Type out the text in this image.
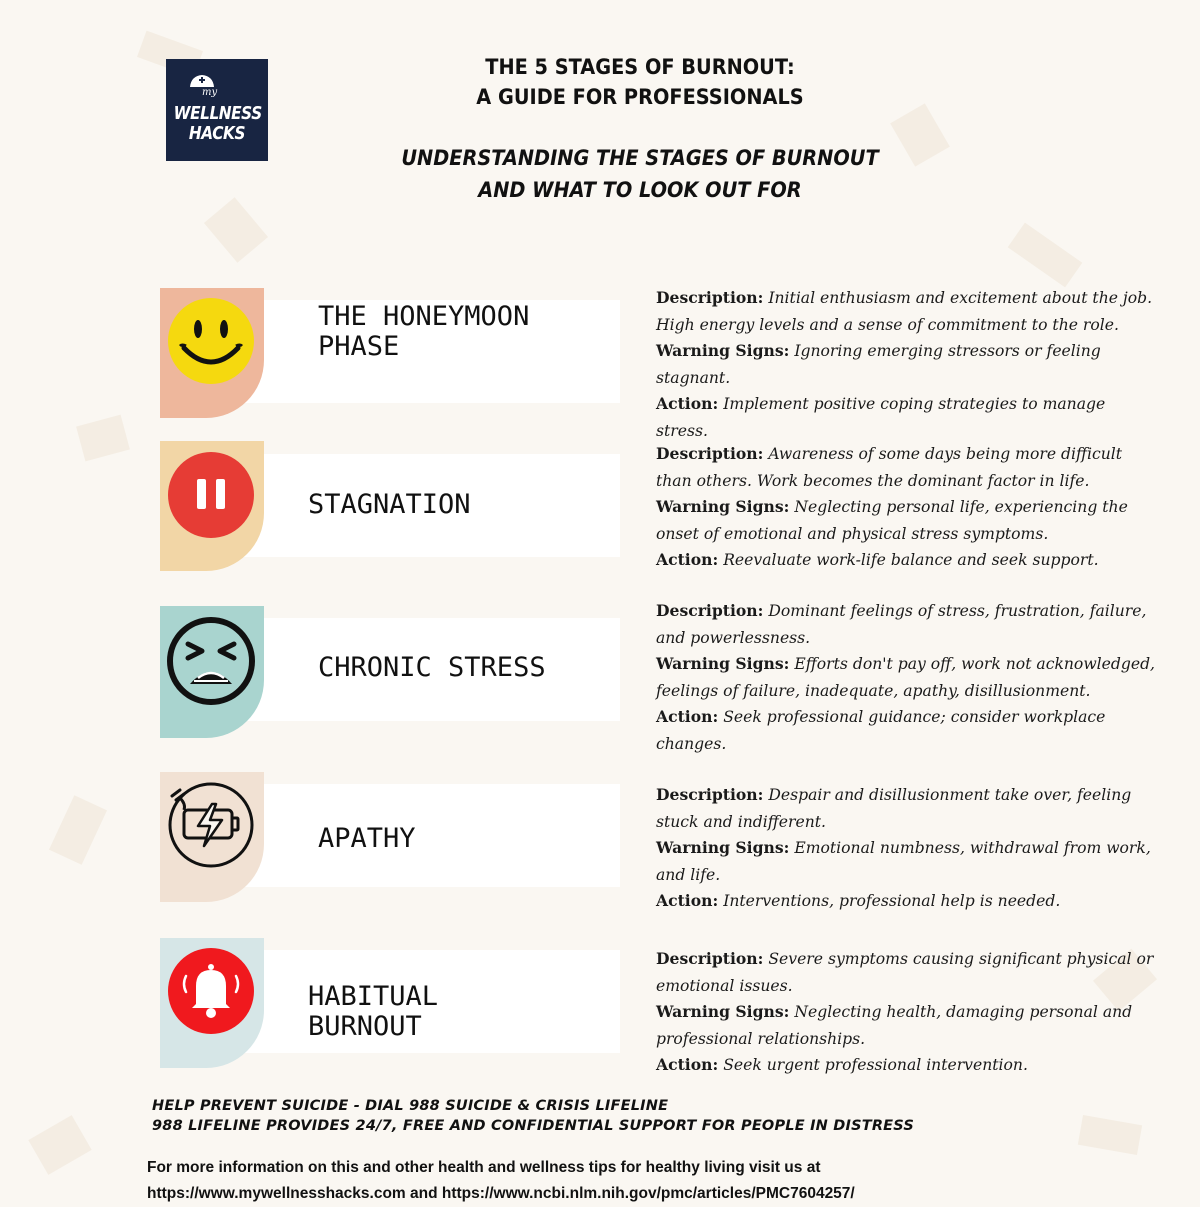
my
WELLNESS
HACKS
THE 5 STAGES OF BURNOUT:
A GUIDE FOR PROFESSIONALS
UNDERSTANDING THE STAGES OF BURNOUT
AND WHAT TO LOOK OUT FOR
THE HONEYMOON
PHASE

Description: Initial enthusiasm and excitement about the job. High energy levels and a sense of commitment to the role.

Warning Signs: Ignoring emerging stressors or feeling stagnant.

Action: Implement positive coping strategies to manage stress.

STAGNATION

Description: Awareness of some days being more difficult than others. Work becomes the dominant factor in life.

Warning Signs: Neglecting personal life, experiencing the onset of emotional and physical stress symptoms.

Action: Reevaluate work-life balance and seek support.

CHRONIC STRESS

Description: Dominant feelings of stress, frustration, failure, and powerlessness.

Warning Signs: Efforts don't pay off, work not acknowledged, feelings of failure, inadequate, apathy, disillusionment.

Action: Seek professional guidance; consider workplace changes.

APATHY

Description: Despair and disillusionment take over, feeling stuck and indifferent.

Warning Signs: Emotional numbness, withdrawal from work, and life.

Action: Interventions, professional help is needed.

HABITUAL
BURNOUT

Description: Severe symptoms causing significant physical or emotional issues.

Warning Signs: Neglecting health, damaging personal and professional relationships.

Action: Seek urgent professional intervention.

HELP PREVENT SUICIDE - DIAL 988 SUICIDE & CRISIS LIFELINE
988 LIFELINE PROVIDES 24/7, FREE AND CONFIDENTIAL SUPPORT FOR PEOPLE IN DISTRESS
For more information on this and other health and wellness tips for healthy living visit us at
https://www.mywellnesshacks.com and https://www.ncbi.nlm.nih.gov/pmc/articles/PMC7604257/
